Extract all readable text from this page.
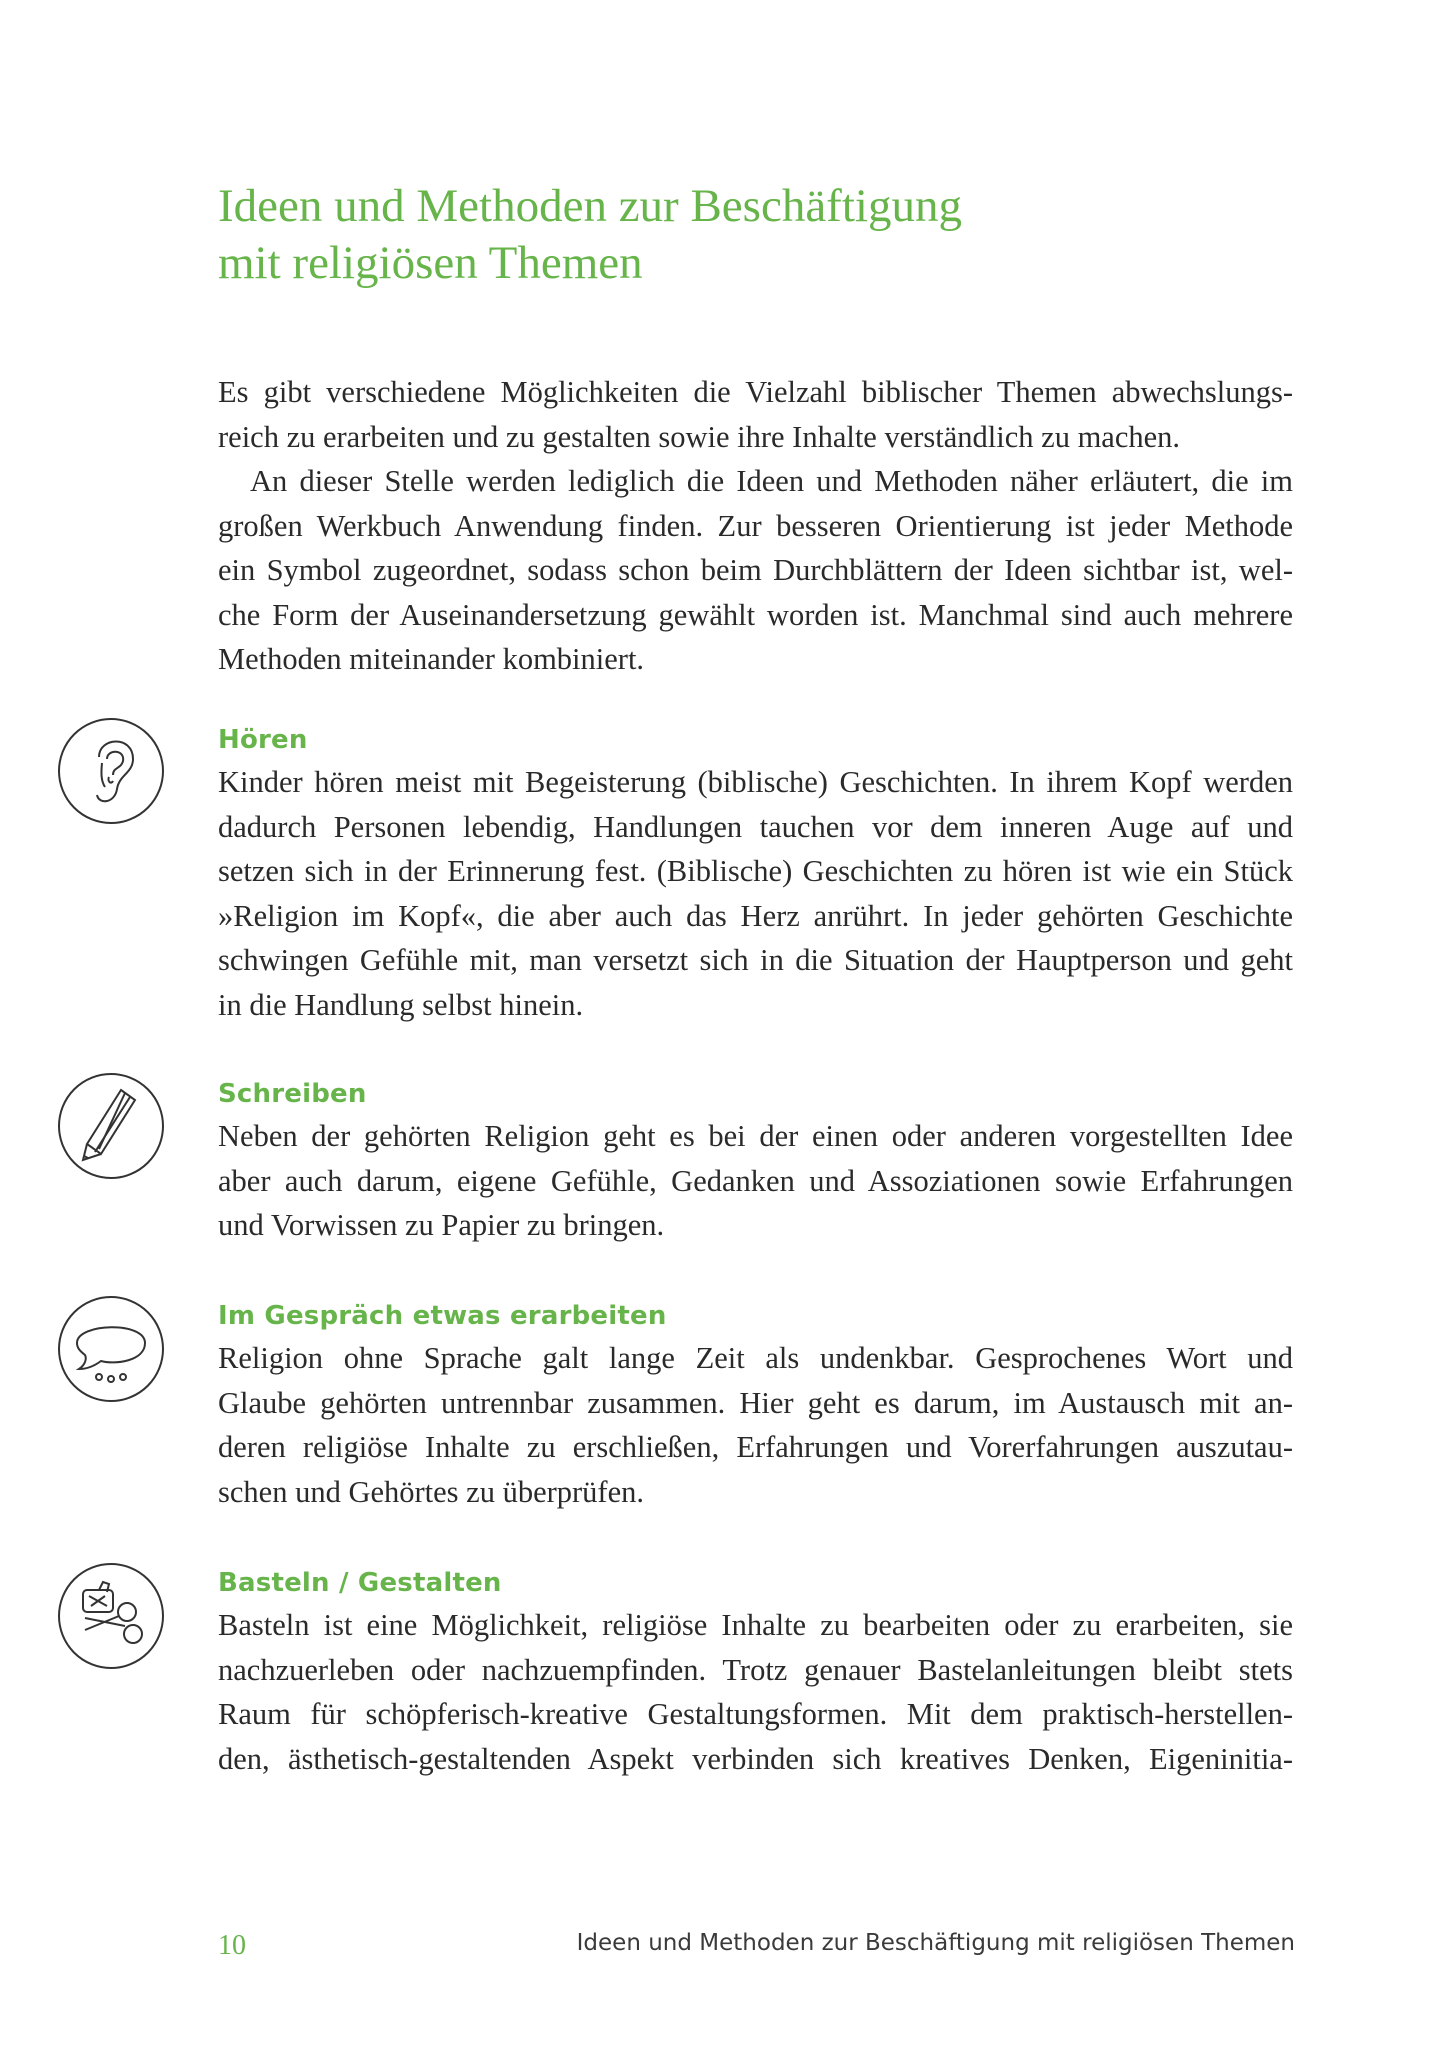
Ideen und Methoden zur Beschäftigung
mit religiösen Themen
Es gibt verschiedene Möglichkeiten die Vielzahl biblischer Themen abwechslungs-
reich zu erarbeiten und zu gestalten sowie ihre Inhalte verständlich zu machen.
An dieser Stelle werden lediglich die Ideen und Methoden näher erläutert, die im
großen Werkbuch Anwendung finden. Zur besseren Orientierung ist jeder Methode
ein Symbol zugeordnet, sodass schon beim Durchblättern der Ideen sichtbar ist, wel-
che Form der Auseinandersetzung gewählt worden ist. Manchmal sind auch mehrere
Methoden miteinander kombiniert.
Hören
Kinder hören meist mit Begeisterung (biblische) Geschichten. In ihrem Kopf werden
dadurch Personen lebendig, Handlungen tauchen vor dem inneren Auge auf und
setzen sich in der Erinnerung fest. (Biblische) Geschichten zu hören ist wie ein Stück
»Religion im Kopf«, die aber auch das Herz anrührt. In jeder gehörten Geschichte
schwingen Gefühle mit, man versetzt sich in die Situation der Hauptperson und geht
in die Handlung selbst hinein.
Schreiben
Neben der gehörten Religion geht es bei der einen oder anderen vorgestellten Idee
aber auch darum, eigene Gefühle, Gedanken und Assoziationen sowie Erfahrungen
und Vorwissen zu Papier zu bringen.
Im Gespräch etwas erarbeiten
Religion ohne Sprache galt lange Zeit als undenkbar. Gesprochenes Wort und
Glaube gehörten untrennbar zusammen. Hier geht es darum, im Austausch mit an-
deren religiöse Inhalte zu erschließen, Erfahrungen und Vorerfahrungen auszutau-
schen und Gehörtes zu überprüfen.
Basteln / Gestalten
Basteln ist eine Möglichkeit, religiöse Inhalte zu bearbeiten oder zu erarbeiten, sie
nachzuerleben oder nachzuempfinden. Trotz genauer Bastelanleitungen bleibt stets
Raum für schöpferisch-kreative Gestaltungsformen. Mit dem praktisch-herstellen-
den, ästhetisch-gestaltenden Aspekt verbinden sich kreatives Denken, Eigeninitia-
10	Ideen und Methoden zur Beschäftigung mit religiösen Themen
